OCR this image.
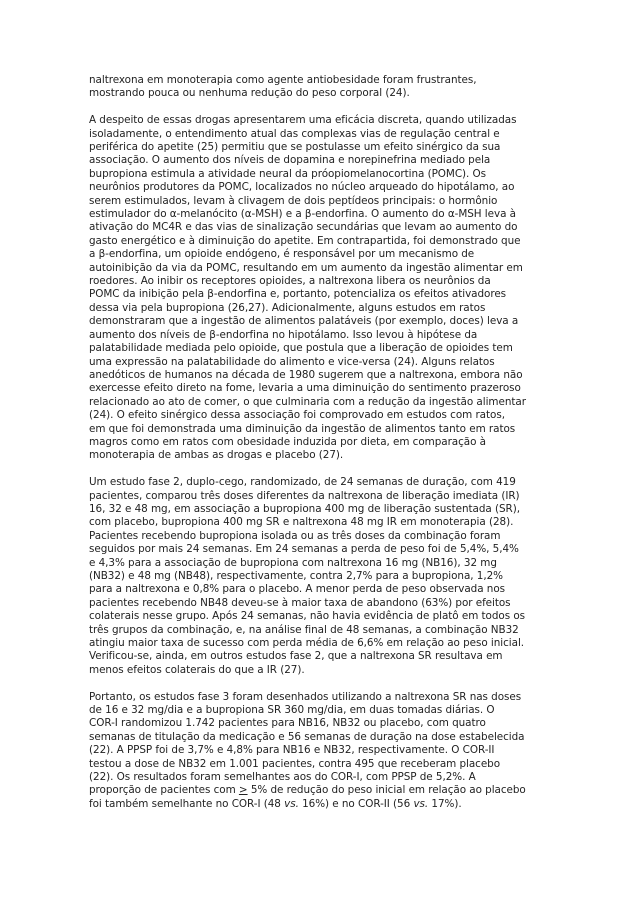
naltrexona em monoterapia como agente antiobesidade foram frustrantes,
mostrando pouca ou nenhuma redução do peso corporal (24).

A despeito de essas drogas apresentarem uma eficácia discreta, quando utilizadas
isoladamente, o entendimento atual das complexas vias de regulação central e
periférica do apetite (25) permitiu que se postulasse um efeito sinérgico da sua
associação. O aumento dos níveis de dopamina e norepinefrina mediado pela
bupropiona estimula a atividade neural da próopiomelanocortina (POMC). Os
neurônios produtores da POMC, localizados no núcleo arqueado do hipotálamo, ao
serem estimulados, levam à clivagem de dois peptídeos principais: o hormônio
estimulador do α-melanócito (α-MSH) e a β-endorfina. O aumento do α-MSH leva à
ativação do MC4R e das vias de sinalização secundárias que levam ao aumento do
gasto energético e à diminuição do apetite. Em contrapartida, foi demonstrado que
a β-endorfina, um opioide endógeno, é responsável por um mecanismo de
autoinibição da via da POMC, resultando em um aumento da ingestão alimentar em
roedores. Ao inibir os receptores opioides, a naltrexona libera os neurônios da
POMC da inibição pela β-endorfina e, portanto, potencializa os efeitos ativadores
dessa via pela bupropiona (26,27). Adicionalmente, alguns estudos em ratos
demonstraram que a ingestão de alimentos palatáveis (por exemplo, doces) leva a
aumento dos níveis de β-endorfina no hipotálamo. Isso levou à hipótese da
palatabilidade mediada pelo opioide, que postula que a liberação de opioides tem
uma expressão na palatabilidade do alimento e vice-versa (24). Alguns relatos
anedóticos de humanos na década de 1980 sugerem que a naltrexona, embora não
exercesse efeito direto na fome, levaria a uma diminuição do sentimento prazeroso
relacionado ao ato de comer, o que culminaria com a redução da ingestão alimentar
(24). O efeito sinérgico dessa associação foi comprovado em estudos com ratos,
em que foi demonstrada uma diminuição da ingestão de alimentos tanto em ratos
magros como em ratos com obesidade induzida por dieta, em comparação à
monoterapia de ambas as drogas e placebo (27).

Um estudo fase 2, duplo-cego, randomizado, de 24 semanas de duração, com 419
pacientes, comparou três doses diferentes da naltrexona de liberação imediata (IR)
16, 32 e 48 mg, em associação a bupropiona 400 mg de liberação sustentada (SR),
com placebo, bupropiona 400 mg SR e naltrexona 48 mg IR em monoterapia (28).
Pacientes recebendo bupropiona isolada ou as três doses da combinação foram
seguidos por mais 24 semanas. Em 24 semanas a perda de peso foi de 5,4%, 5,4%
e 4,3% para a associação de bupropiona com naltrexona 16 mg (NB16), 32 mg
(NB32) e 48 mg (NB48), respectivamente, contra 2,7% para a bupropiona, 1,2%
para a naltrexona e 0,8% para o placebo. A menor perda de peso observada nos
pacientes recebendo NB48 deveu-se à maior taxa de abandono (63%) por efeitos
colaterais nesse grupo. Após 24 semanas, não havia evidência de platô em todos os
três grupos da combinação, e, na análise final de 48 semanas, a combinação NB32
atingiu maior taxa de sucesso com perda média de 6,6% em relação ao peso inicial.
Verificou-se, ainda, em outros estudos fase 2, que a naltrexona SR resultava em
menos efeitos colaterais do que a IR (27).

Portanto, os estudos fase 3 foram desenhados utilizando a naltrexona SR nas doses
de 16 e 32 mg/dia e a bupropiona SR 360 mg/dia, em duas tomadas diárias. O
COR-I randomizou 1.742 pacientes para NB16, NB32 ou placebo, com quatro
semanas de titulação da medicação e 56 semanas de duração na dose estabelecida
(22). A PPSP foi de 3,7% e 4,8% para NB16 e NB32, respectivamente. O COR-II
testou a dose de NB32 em 1.001 pacientes, contra 495 que receberam placebo
(22). Os resultados foram semelhantes aos do COR-I, com PPSP de 5,2%. A
proporção de pacientes com ≥ 5% de redução do peso inicial em relação ao placebo
foi também semelhante no COR-I (48 vs. 16%) e no COR-II (56 vs. 17%).
